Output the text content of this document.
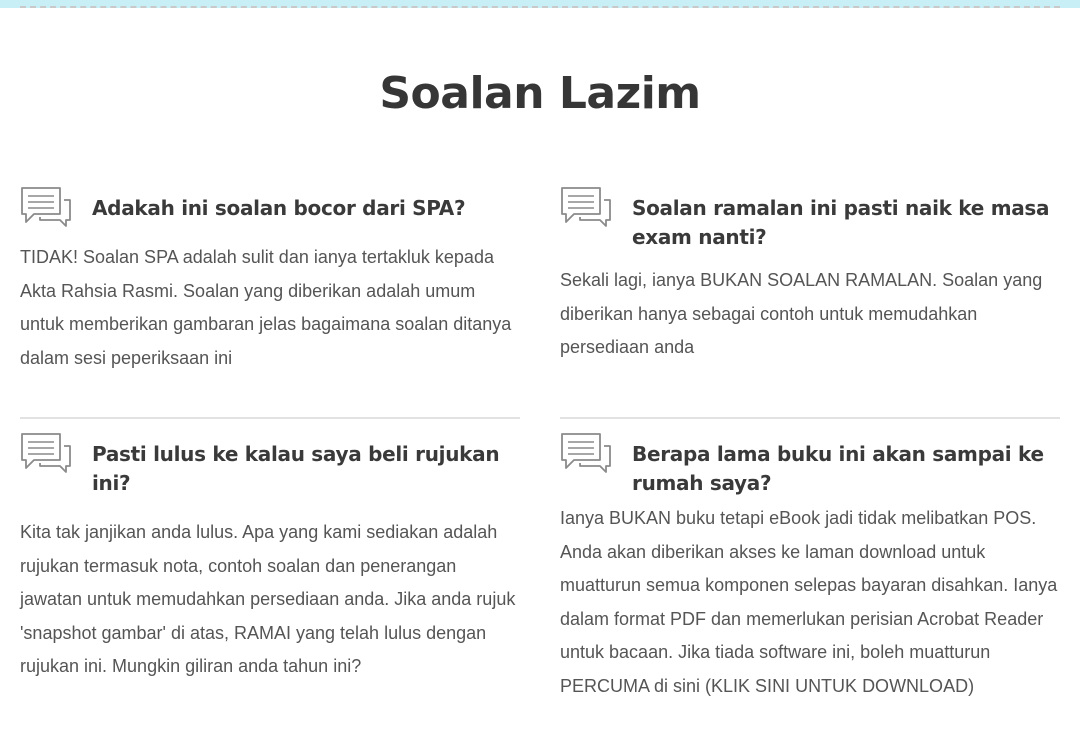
Soalan Lazim
Adakah ini soalan bocor dari SPA?

TIDAK! Soalan SPA adalah sulit dan ianya tertakluk kepada Akta Rahsia Rasmi. Soalan yang diberikan adalah umum untuk memberikan gambaran jelas bagaimana soalan ditanya dalam sesi peperiksaan ini

Soalan ramalan ini pasti naik ke masa exam nanti?

Sekali lagi, ianya BUKAN SOALAN RAMALAN. Soalan yang diberikan hanya sebagai contoh untuk memudahkan persediaan anda

Pasti lulus ke kalau saya beli rujukan ini?

Kita tak janjikan anda lulus. Apa yang kami sediakan adalah rujukan termasuk nota, contoh soalan dan penerangan jawatan untuk memudahkan persediaan anda. Jika anda rujuk 'snapshot gambar' di atas, RAMAI yang telah lulus dengan rujukan ini. Mungkin giliran anda tahun ini?

Berapa lama buku ini akan sampai ke rumah saya?

Ianya BUKAN buku tetapi eBook jadi tidak melibatkan POS. Anda akan diberikan akses ke laman download untuk muatturun semua komponen selepas bayaran disahkan. Ianya dalam format PDF dan memerlukan perisian Acrobat Reader untuk bacaan. Jika tiada software ini, boleh muatturun PERCUMA di sini (KLIK SINI UNTUK DOWNLOAD)
